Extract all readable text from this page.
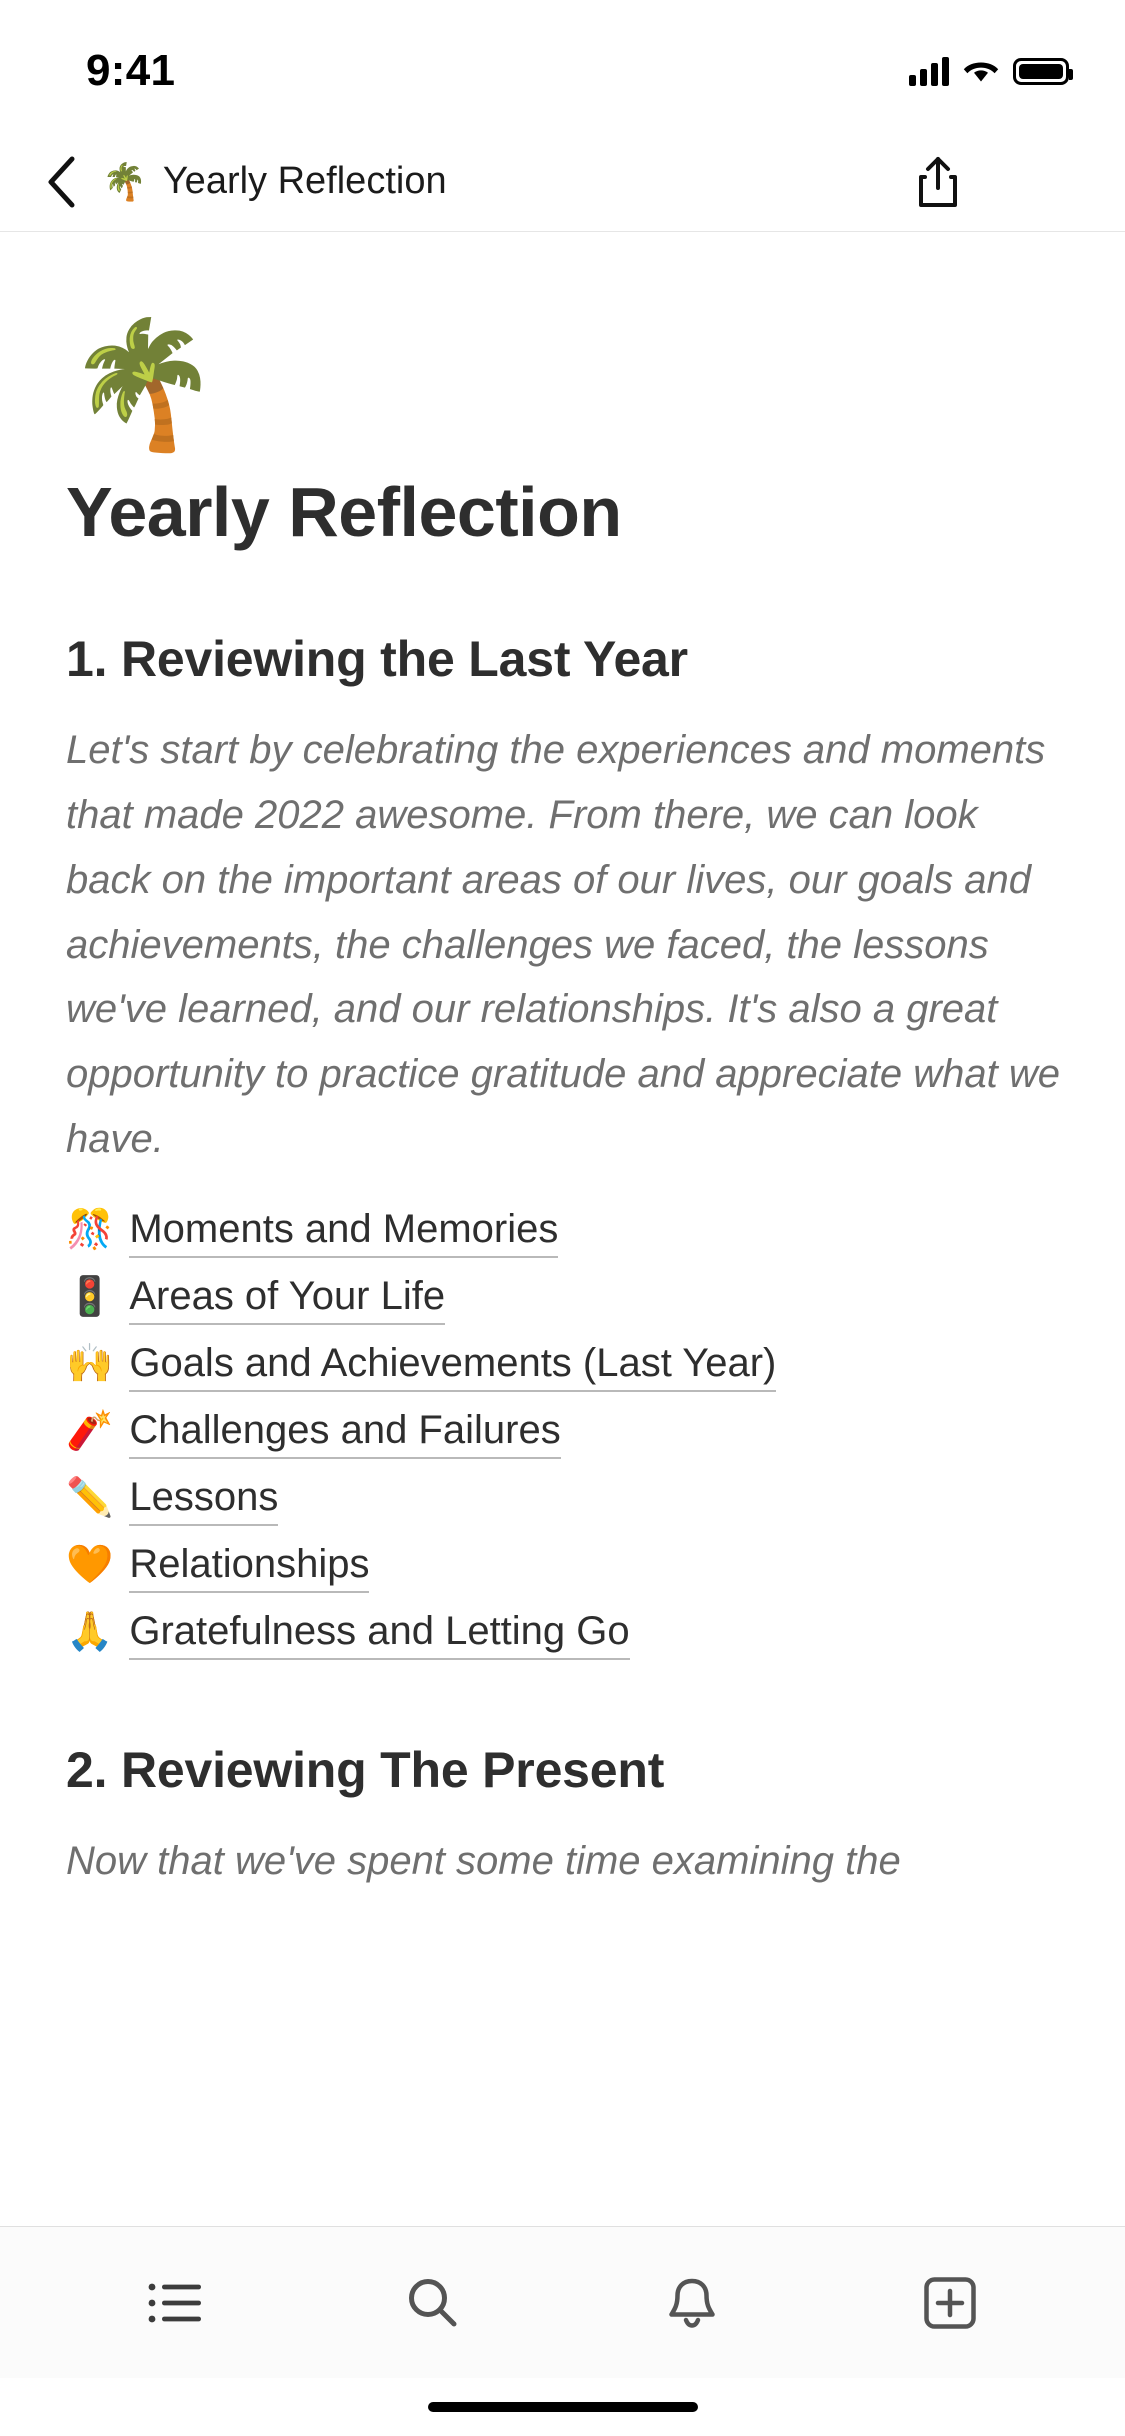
9:41
🌴 Yearly Reflection
🌴
Yearly Reflection
1. Reviewing the Last Year
Let's start by celebrating the experiences and moments that made 2022 awesome. From there, we can look back on the important areas of our lives, our goals and achievements, the challenges we faced, the lessons we've learned, and our relationships. It's also a great opportunity to practice gratitude and appreciate what we have.
🎊 Moments and Memories
🚦 Areas of Your Life
🙌 Goals and Achievements (Last Year)
🧨 Challenges and Failures
✏️ Lessons
🧡 Relationships
🙏 Gratefulness and Letting Go
2. Reviewing The Present
Now that we've spent some time examining the
